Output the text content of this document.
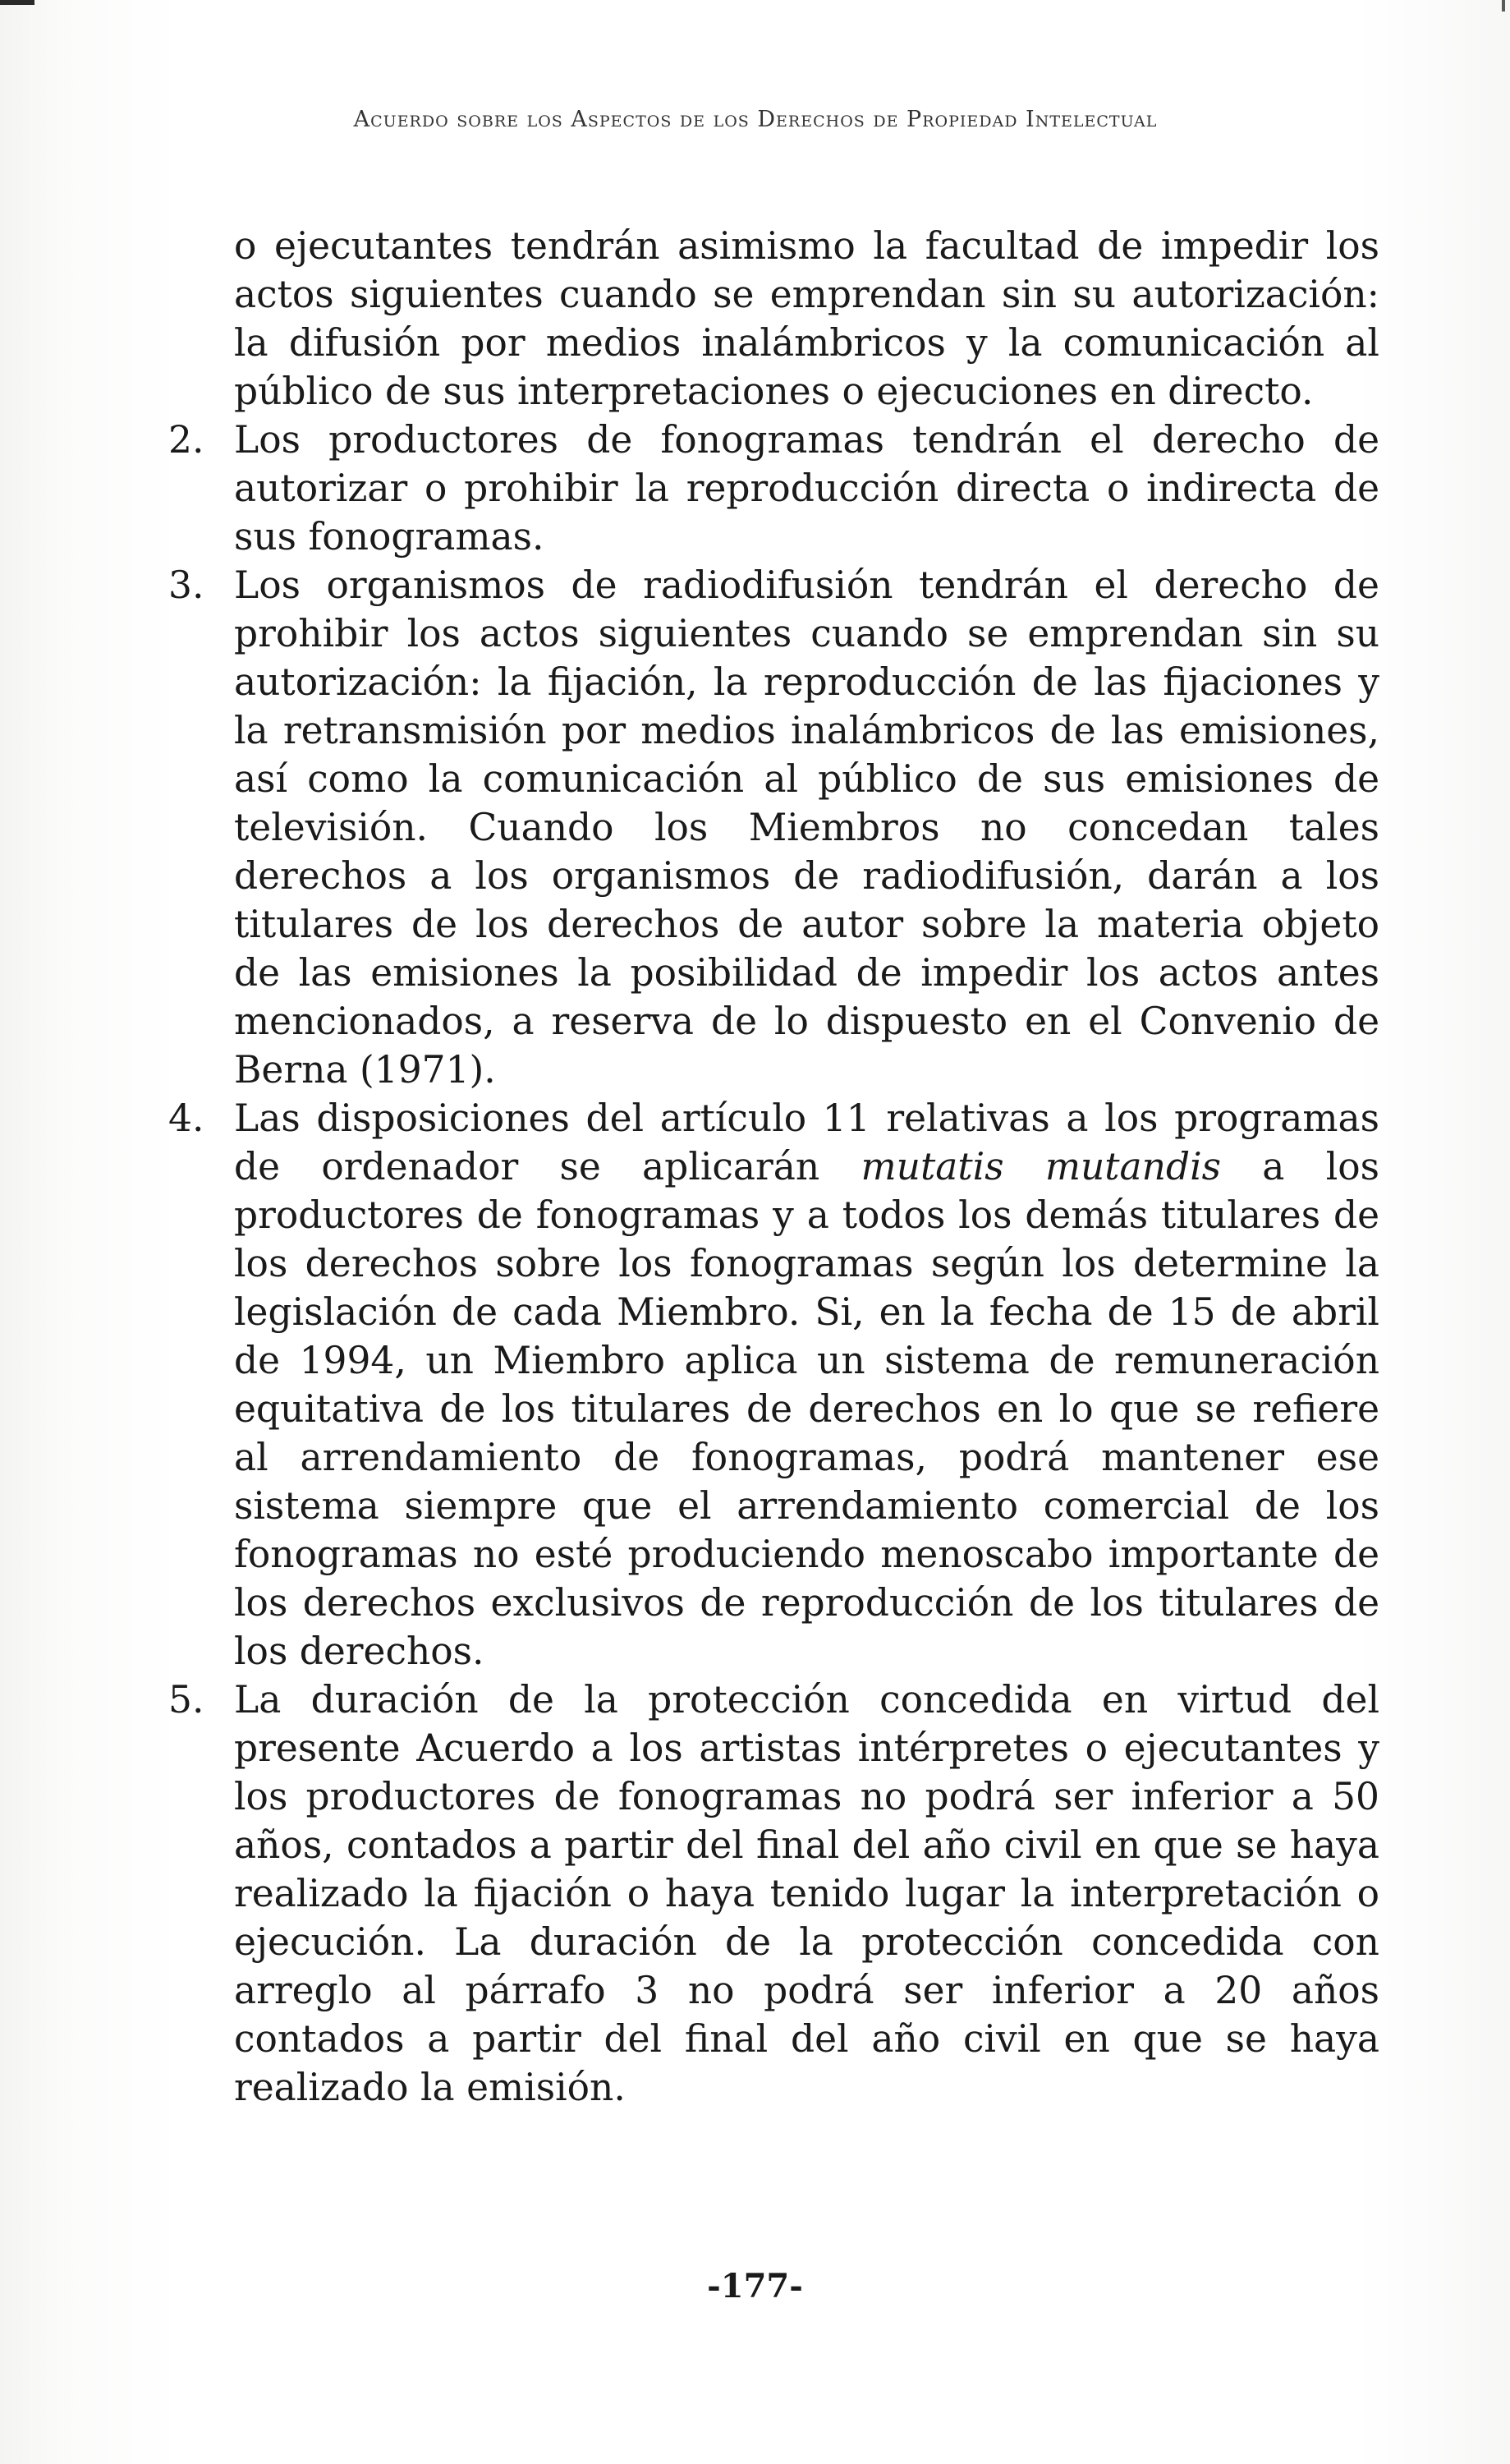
Acuerdo sobre los Aspectos de los Derechos de Propiedad Intelectual

o ejecutantes tendrán asimismo la facultad de impedir los actos siguientes cuando se emprendan sin su autorización: la difusión por medios inalámbricos y la comunicación al público de sus interpretaciones o ejecuciones en directo.

2. Los productores de fonogramas tendrán el derecho de autorizar o prohibir la reproducción directa o indirecta de sus fonogramas.
3. Los organismos de radiodifusión tendrán el derecho de prohibir los actos siguientes cuando se emprendan sin su autorización: la fijación, la reproducción de las fijaciones y la retransmisión por medios inalámbricos de las emisiones, así como la comunicación al público de sus emisiones de televisión. Cuando los Miembros no concedan tales derechos a los organismos de radiodifusión, darán a los titulares de los derechos de autor sobre la materia objeto de las emisiones la posibilidad de impedir los actos antes mencionados, a reserva de lo dispuesto en el Convenio de Berna (1971).
4. Las disposiciones del artículo 11 relativas a los programas de ordenador se aplicarán mutatis mutandis a los productores de fonogramas y a todos los demás titulares de los derechos sobre los fonogramas según los determine la legislación de cada Miembro. Si, en la fecha de 15 de abril de 1994, un Miembro aplica un sistema de remuneración equitativa de los titulares de derechos en lo que se refiere al arrendamiento de fonogramas, podrá mantener ese sistema siempre que el arrendamiento comercial de los fonogramas no esté produciendo menoscabo importante de los derechos exclusivos de reproducción de los titulares de los derechos.
5. La duración de la protección concedida en virtud del presente Acuerdo a los artistas intérpretes o ejecutantes y los productores de fonogramas no podrá ser inferior a 50 años, contados a partir del final del año civil en que se haya realizado la fijación o haya tenido lugar la interpretación o ejecución. La duración de la protección concedida con arreglo al párrafo 3 no podrá ser inferior a 20 años contados a partir del final del año civil en que se haya realizado la emisión.
-177-
